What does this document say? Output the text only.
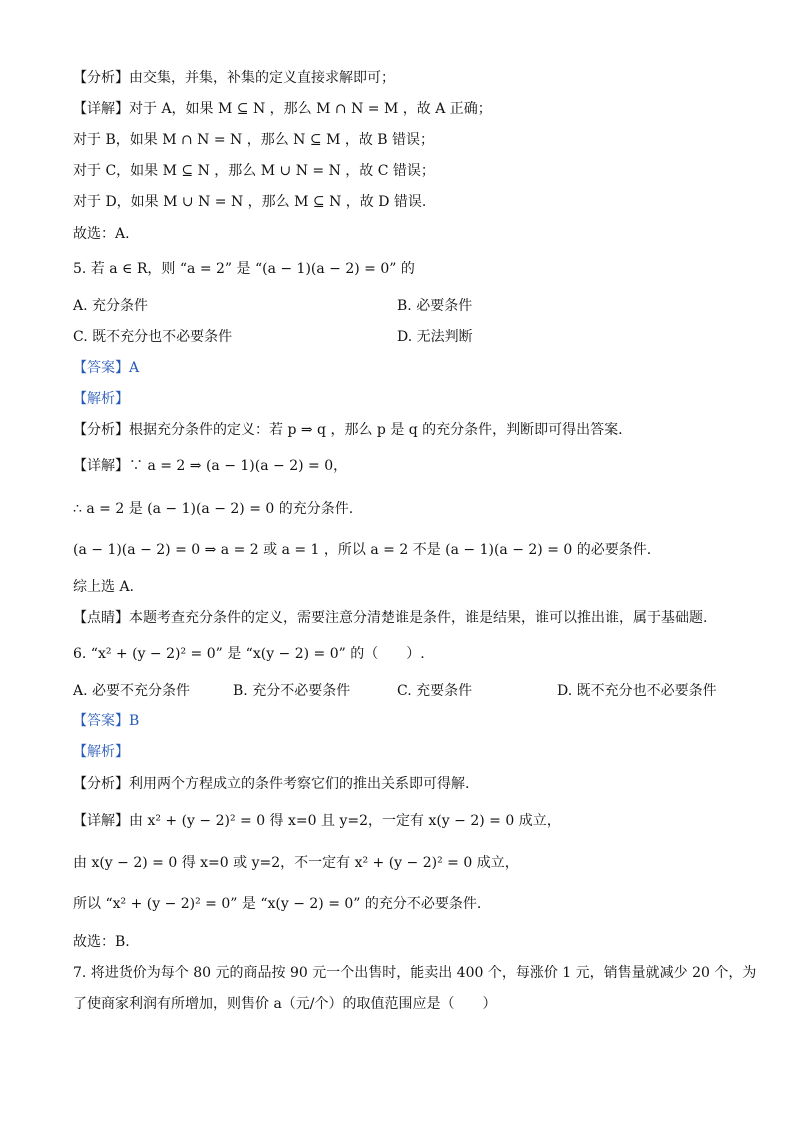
【分析】由交集，并集，补集的定义直接求解即可；
【详解】对于 A，如果 M ⊆ N ，那么 M ∩ N = M ，故 A 正确；
对于 B，如果 M ∩ N = N ，那么 N ⊆ M ，故 B 错误；
对于 C，如果 M ⊆ N ，那么 M ∪ N = N ，故 C 错误；
对于 D，如果 M ∪ N = N ，那么 M ⊆ N ，故 D 错误.
故选：A.
5. 若 a ∈ R，则 “a = 2” 是 “(a − 1)(a − 2) = 0” 的
A. 充分条件	B. 必要条件
C. 既不充分也不必要条件	D. 无法判断
【答案】A
【解析】
【分析】根据充分条件的定义：若 p ⇒ q ，那么 p 是 q 的充分条件，判断即可得出答案.
【详解】∵ a = 2 ⇒ (a − 1)(a − 2) = 0，
∴ a = 2 是 (a − 1)(a − 2) = 0 的充分条件.
(a − 1)(a − 2) = 0 ⇒ a = 2 或 a = 1 ，所以 a = 2 不是 (a − 1)(a − 2) = 0 的必要条件.
综上选 A.
【点睛】本题考查充分条件的定义，需要注意分清楚谁是条件，谁是结果，谁可以推出谁，属于基础题.
6. “x² + (y − 2)² = 0” 是 “x(y − 2) = 0” 的（　　）.
A. 必要不充分条件	B. 充分不必要条件	C. 充要条件	D. 既不充分也不必要条件
【答案】B
【解析】
【分析】利用两个方程成立的条件考察它们的推出关系即可得解.
【详解】由 x² + (y − 2)² = 0 得 x=0 且 y=2，一定有 x(y − 2) = 0 成立，
由 x(y − 2) = 0 得 x=0 或 y=2，不一定有 x² + (y − 2)² = 0 成立，
所以 “x² + (y − 2)² = 0” 是 “x(y − 2) = 0” 的充分不必要条件.
故选：B.
7. 将进货价为每个 80 元的商品按 90 元一个出售时，能卖出 400 个，每涨价 1 元，销售量就减少 20 个，为
了使商家利润有所增加，则售价 a（元/个）的取值范围应是（　　）
